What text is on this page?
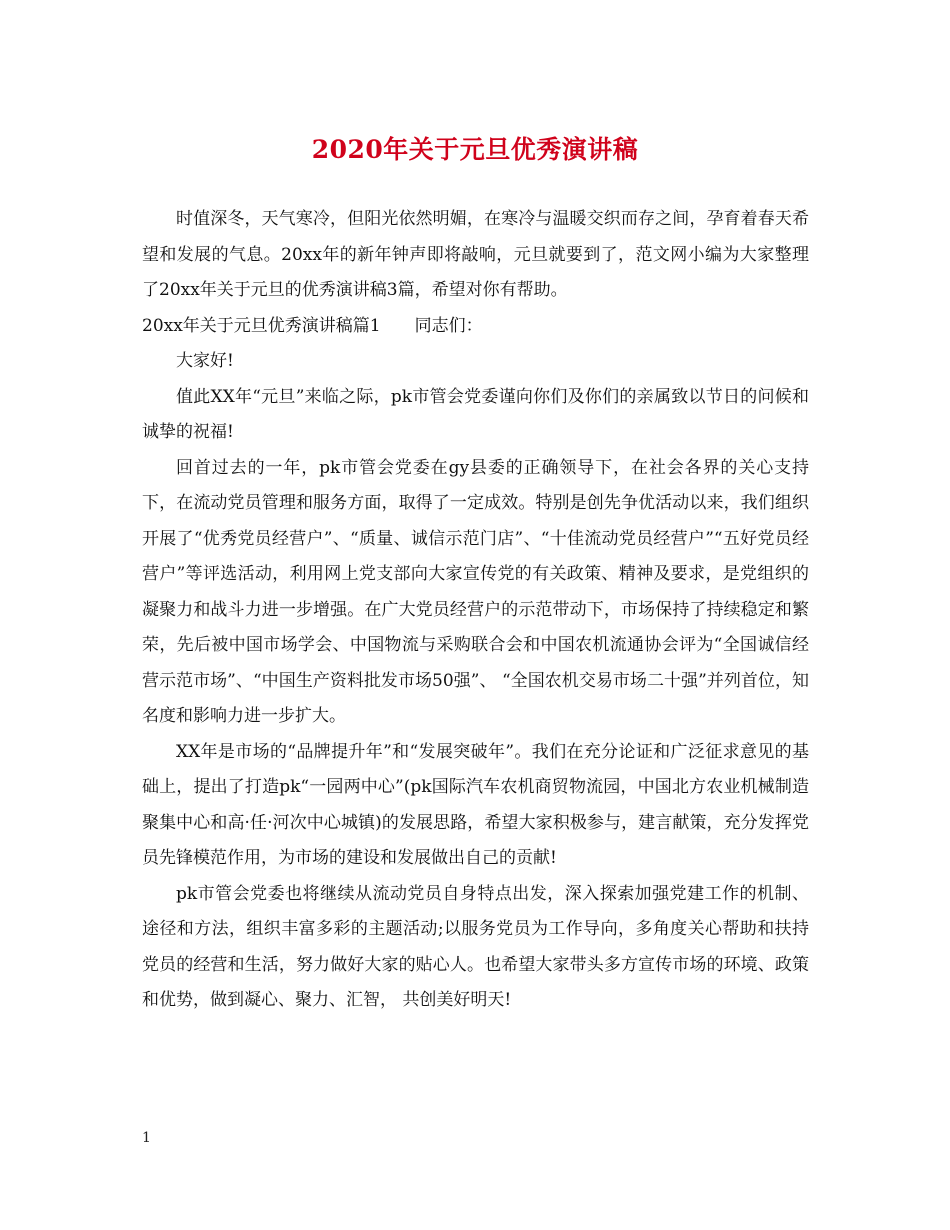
2020年关于元旦优秀演讲稿

时值深冬，天气寒冷，但阳光依然明媚，在寒冷与温暖交织而存之间，孕育着春天希望和发展的气息。20xx年的新年钟声即将敲响，元旦就要到了，范文网小编为大家整理了20xx年关于元旦的优秀演讲稿3篇，希望对你有帮助。

20xx年关于元旦优秀演讲稿篇1 同志们：

大家好!

值此XX年“元旦”来临之际，pk市管会党委谨向你们及你们的亲属致以节日的问候和诚挚的祝福!

回首过去的一年，pk市管会党委在gy县委的正确领导下，在社会各界的关心支持下，在流动党员管理和服务方面，取得了一定成效。特别是创先争优活动以来，我们组织开展了“优秀党员经营户”、“质量、诚信示范门店”、“十佳流动党员经营户”“五好党员经营户”等评选活动，利用网上党支部向大家宣传党的有关政策、精神及要求，是党组织的凝聚力和战斗力进一步增强。在广大党员经营户的示范带动下，市场保持了持续稳定和繁荣，先后被中国市场学会、中国物流与采购联合会和中国农机流通协会评为“全国诚信经营示范市场”、“中国生产资料批发市场50强”、 “全国农机交易市场二十强”并列首位，知名度和影响力进一步扩大。

XX年是市场的“品牌提升年”和“发展突破年”。我们在充分论证和广泛征求意见的基础上，提出了打造pk“一园两中心”(pk国际汽车农机商贸物流园，中国北方农业机械制造聚集中心和高·任·河次中心城镇)的发展思路，希望大家积极参与，建言献策，充分发挥党员先锋模范作用，为市场的建设和发展做出自己的贡献!

pk市管会党委也将继续从流动党员自身特点出发，深入探索加强党建工作的机制、途径和方法，组织丰富多彩的主题活动;以服务党员为工作导向，多角度关心帮助和扶持党员的经营和生活，努力做好大家的贴心人。也希望大家带头多方宣传市场的环境、政策和优势，做到凝心、聚力、汇智， 共创美好明天!

1
